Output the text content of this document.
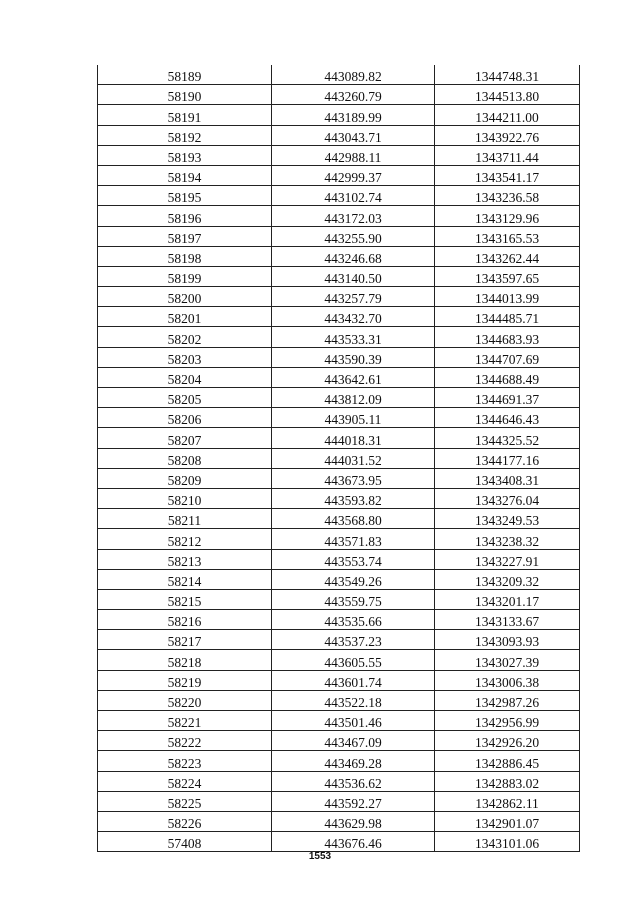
58189	443089.82	1344748.31
58190	443260.79	1344513.80
58191	443189.99	1344211.00
58192	443043.71	1343922.76
58193	442988.11	1343711.44
58194	442999.37	1343541.17
58195	443102.74	1343236.58
58196	443172.03	1343129.96
58197	443255.90	1343165.53
58198	443246.68	1343262.44
58199	443140.50	1343597.65
58200	443257.79	1344013.99
58201	443432.70	1344485.71
58202	443533.31	1344683.93
58203	443590.39	1344707.69
58204	443642.61	1344688.49
58205	443812.09	1344691.37
58206	443905.11	1344646.43
58207	444018.31	1344325.52
58208	444031.52	1344177.16
58209	443673.95	1343408.31
58210	443593.82	1343276.04
58211	443568.80	1343249.53
58212	443571.83	1343238.32
58213	443553.74	1343227.91
58214	443549.26	1343209.32
58215	443559.75	1343201.17
58216	443535.66	1343133.67
58217	443537.23	1343093.93
58218	443605.55	1343027.39
58219	443601.74	1343006.38
58220	443522.18	1342987.26
58221	443501.46	1342956.99
58222	443467.09	1342926.20
58223	443469.28	1342886.45
58224	443536.62	1342883.02
58225	443592.27	1342862.11
58226	443629.98	1342901.07
57408	443676.46	1343101.06
1553
